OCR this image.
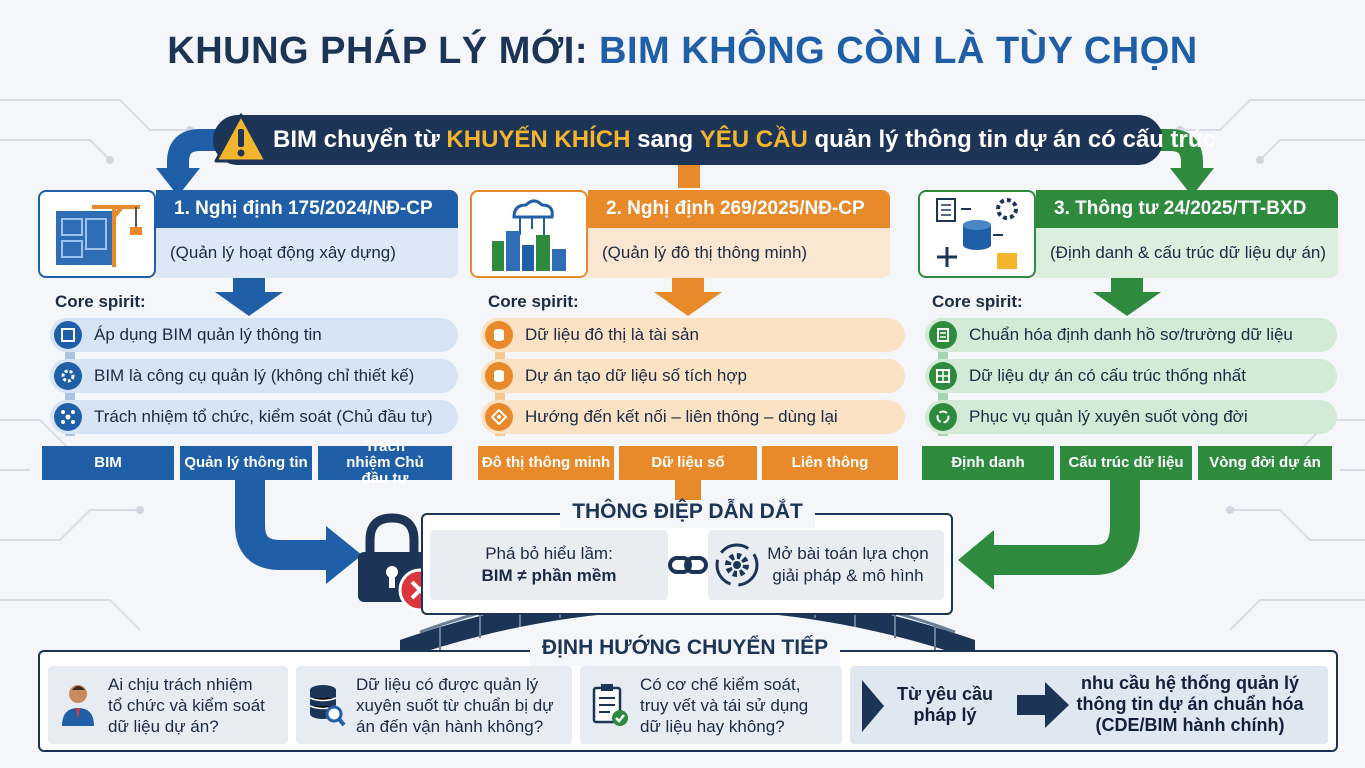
KHUNG PHÁP LÝ MỚI: BIM KHÔNG CÒN LÀ TÙY CHỌN
BIM chuyển từ
KHUYẾN KHÍCH
sang
YÊU CẦU
quản lý thông tin dự án có cấu trúc
1. Nghị định 175/2024/NĐ-CP
(Quản lý hoạt động xây dựng)
2. Nghị định 269/2025/NĐ-CP
(Quản lý đô thị thông minh)
3. Thông tư 24/2025/TT-BXD
(Định danh & cấu trúc dữ liệu dự án)
Core spirit:	Core spirit:	Core spirit:
Áp dụng BIM quản lý thông tin
BIM là công cụ quản lý (không chỉ thiết kế)
Trách nhiệm tổ chức, kiểm soát (Chủ đầu tư)
Dữ liệu đô thị là tài sản
Dự án tạo dữ liệu số tích hợp
Hướng đến kết nối – liên thông – dùng lại
Chuẩn hóa định danh hồ sơ/trường dữ liệu
Dữ liệu dự án có cấu trúc thống nhất
Phục vụ quản lý xuyên suốt vòng đời
BIM	Quản lý thông tin
Trách nhiệm Chủ đầu tư
Đô thị thông minh	Dữ liệu số	Liên thông	Định danh	Cấu trúc dữ liệu	Vòng đời dự án
THÔNG ĐIỆP DẪN DẮT
Phá bỏ hiểu lầm:
BIM ≠ phần mềm
Mở bài toán lựa chọn
giải pháp & mô hình
ĐỊNH HƯỚNG CHUYỂN TIẾP
Ai chịu trách nhiệm
tổ chức và kiểm soát
dữ liệu dự án?
Dữ liệu có được quản lý
xuyên suốt từ chuẩn bị dự
án đến vận hành không?
Có cơ chế kiểm soát,
truy vết và tái sử dụng
dữ liệu hay không?
Từ yêu cầu
pháp lý
nhu cầu hệ thống quản lý
thông tin dự án chuẩn hóa
(CDE/BIM hành chính)
